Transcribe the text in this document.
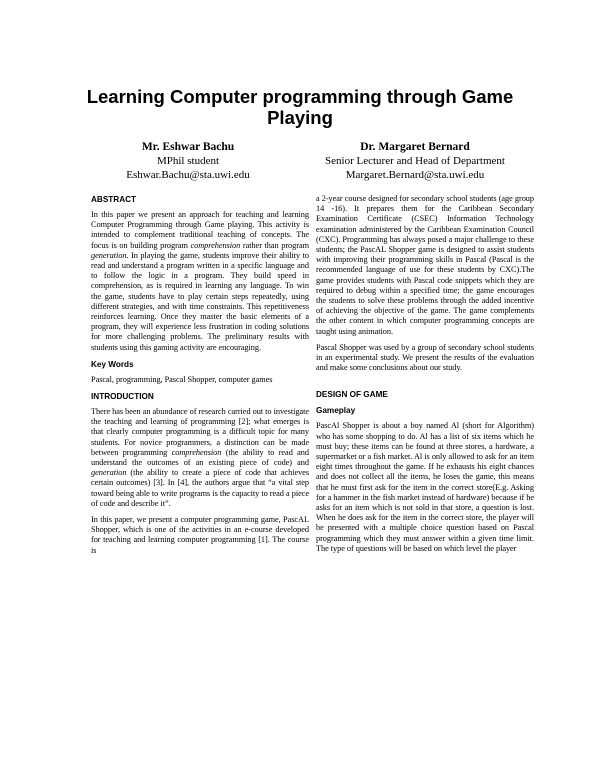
Learning Computer programming through Game Playing
Mr. Eshwar Bachu
MPhil student
Eshwar.Bachu@sta.uwi.edu
Dr. Margaret Bernard
Senior Lecturer and Head of Department
Margaret.Bernard@sta.uwi.edu
ABSTRACT

In this paper we present an approach for teaching and learning Computer Programming through Game playing. This activity is intended to complement traditional teaching of concepts. The focus is on building program comprehension rather than program generation. In playing the game, students improve their ability to read and understand a program written in a specific language and to follow the logic in a program. They build speed in comprehension, as is required in learning any language. To win the game, students have to play certain steps repeatedly, using different strategies, and with time constraints. This repetitiveness reinforces learning. Once they master the basic elements of a program, they will experience less frustration in coding solutions for more challenging problems. The preliminary results with students using this gaming activity are encouraging.

Key Words

Pascal, programming, Pascal Shopper, computer games

INTRODUCTION

There has been an abundance of research carried out to investigate the teaching and learning of programming [2]; what emerges is that clearly computer programming is a difficult topic for many students. For novice programmers, a distinction can be made between programming comprehension (the ability to read and understand the outcomes of an existing piece of code) and generation (the ability to create a piece of code that achieves certain outcomes) [3]. In [4], the authors argue that “a vital step toward being able to write programs is the capacity to read a piece of code and describe it”.

In this paper, we present a computer programming game, PascAL Shopper, which is one of the activities in an e-course developed for teaching and learning computer programming [1]. The course is

a 2-year course designed for secondary school students (age group 14 -16). It prepares them for the Caribbean Secondary Examination Certificate (CSEC) Information Technology examination administered by the Caribbean Examination Council (CXC). Programming has always posed a major challenge to these students; the PascAL Shopper game is designed to assist students with improving their programming skills in Pascal (Pascal is the recommended language of use for these students by CXC).The game provides students with Pascal code snippets which they are required to debug within a specified time; the game encourages the students to solve these problems through the added incentive of achieving the objective of the game. The game complements the other content in which computer programming concepts are taught using animation.

Pascal Shopper was used by a group of secondary school students in an experimental study. We present the results of the evaluation and make some conclusions about our study.

DESIGN OF GAME
Gameplay

PascAl Shopper is about a boy named Al (short for Algorithm) who has some shopping to do. Al has a list of six items which he must buy; these items can be found at three stores, a hardware, a supermarket or a fish market. Al is only allowed to ask for an item eight times throughout the game. If he exhausts his eight chances and does not collect all the items, he loses the game, this means that he must first ask for the item in the correct store(E.g. Asking for a hammer in the fish market instead of hardware) because if he asks for an item which is not sold in that store, a question is lost. When he does ask for the item in the correct store, the player will be presented with a multiple choice question based on Pascal programming which they must answer within a given time limit. The type of questions will be based on which level the player
